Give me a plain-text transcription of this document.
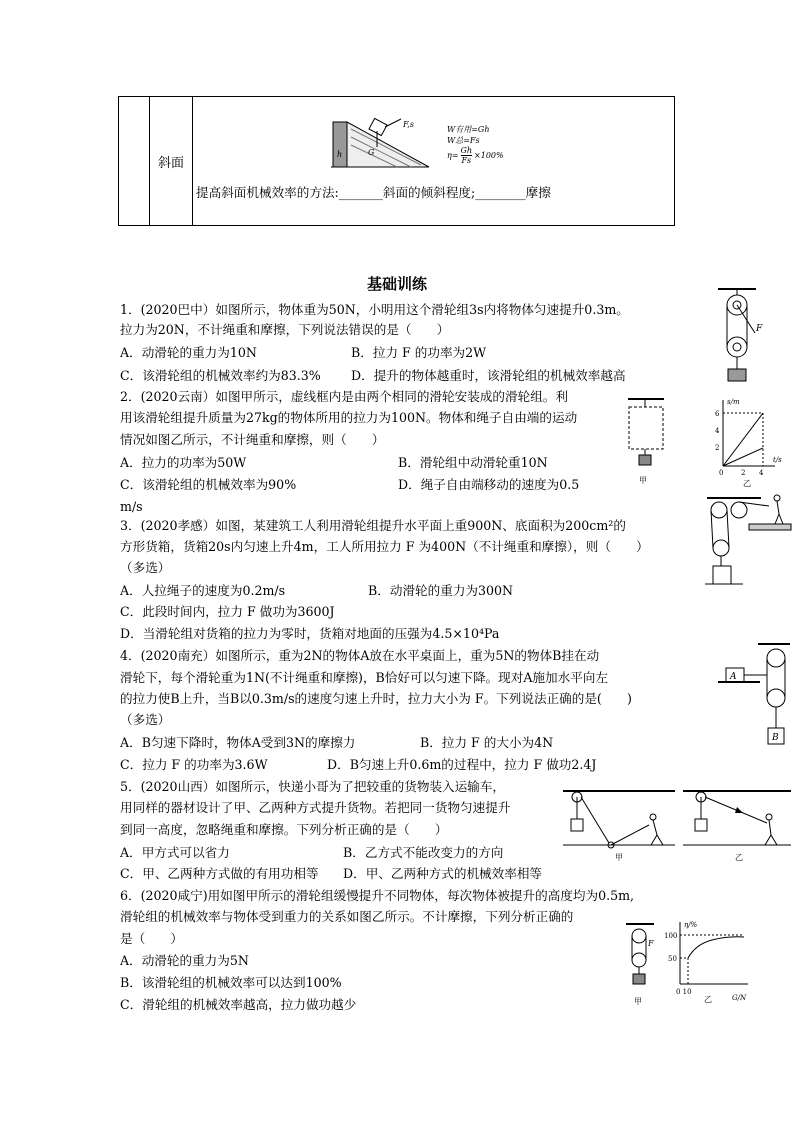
	斜面	
F,s
G
h
W有用=Gh
W总=Fs
$\eta= \frac{Gh}{Fs} \times 100\%$
提高斜面机械效率的方法:_______斜面的倾斜程度;________摩擦
基础训练
1．(2020巴中）如图所示，物体重为50N，小明用这个滑轮组3s内将物体匀速提升0.3m。
拉力为20N，不计绳重和摩擦，下列说法错误的是（　　）
A．动滑轮的重力为10N	B．拉力 F 的功率为2W
C．该滑轮组的机械效率约为83.3% D．提升的物体越重时，该滑轮组的机械效率越高
F
2．(2020云南）如图甲所示，虚线框内是由两个相同的滑轮安装成的滑轮组。利
用该滑轮组提升质量为27kg的物体所用的拉力为100N。物体和绳子自由端的运动
情况如图乙所示，不计绳重和摩擦，则（　　）
A．拉力的功率为50W	B．滑轮组中动滑轮重10N
C．该滑轮组的机械效率为90%	D．绳子自由端移动的速度为0.5
m/s
甲
s/m
t/s
6
4
2
0	2 4
乙
3．(2020孝感）如图，某建筑工人利用滑轮组提升水平面上重900N、底面积为200cm²的
方形货箱，货箱20s内匀速上升4m，工人所用拉力 F 为400N（不计绳重和摩擦），则（　　）
（多选）
A．人拉绳子的速度为0.2m/s	B．动滑轮的重力为300N
C．此段时间内，拉力 F 做功为3600J
D．当滑轮组对货箱的拉力为零时，货箱对地面的压强为4.5×10⁴Pa
4．(2020南充）如图所示，重为2N的物体A放在水平桌面上，重为5N的物体B挂在动
滑轮下，每个滑轮重为1N(不计绳重和摩擦)，B恰好可以匀速下降。现对A施加水平向左
的拉力使B上升，当B以0.3m/s的速度匀速上升时，拉力大小为 F。下列说法正确的是(　　)
（多选）
A．B匀速下降时，物体A受到3N的摩擦力	B．拉力 F 的大小为4N
C．拉力 F 的功率为3.6W	D．B匀速上升0.6m的过程中，拉力 F 做功2.4J
A
B
5．(2020山西）如图所示，快递小哥为了把较重的货物装入运输车，
用同样的器材设计了甲、乙两种方式提升货物。若把同一货物匀速提升
到同一高度，忽略绳重和摩擦。下列分析正确的是（　　）
A．甲方式可以省力	B．乙方式不能改变力的方向
C．甲、乙两种方式做的有用功相等 D．甲、乙两种方式的机械效率相等
甲	乙
6．(2020咸宁)用如图甲所示的滑轮组缓慢提升不同物体，每次物体被提升的高度均为0.5m,
滑轮组的机械效率与物体受到重力的关系如图乙所示。不计摩擦，下列分析正确的
是（　　）
A．动滑轮的重力为5N
B．该滑轮组的机械效率可以达到100%
C．滑轮组的机械效率越高，拉力做功越少
F
甲
η/%
G/N
100
50
0 10
乙
